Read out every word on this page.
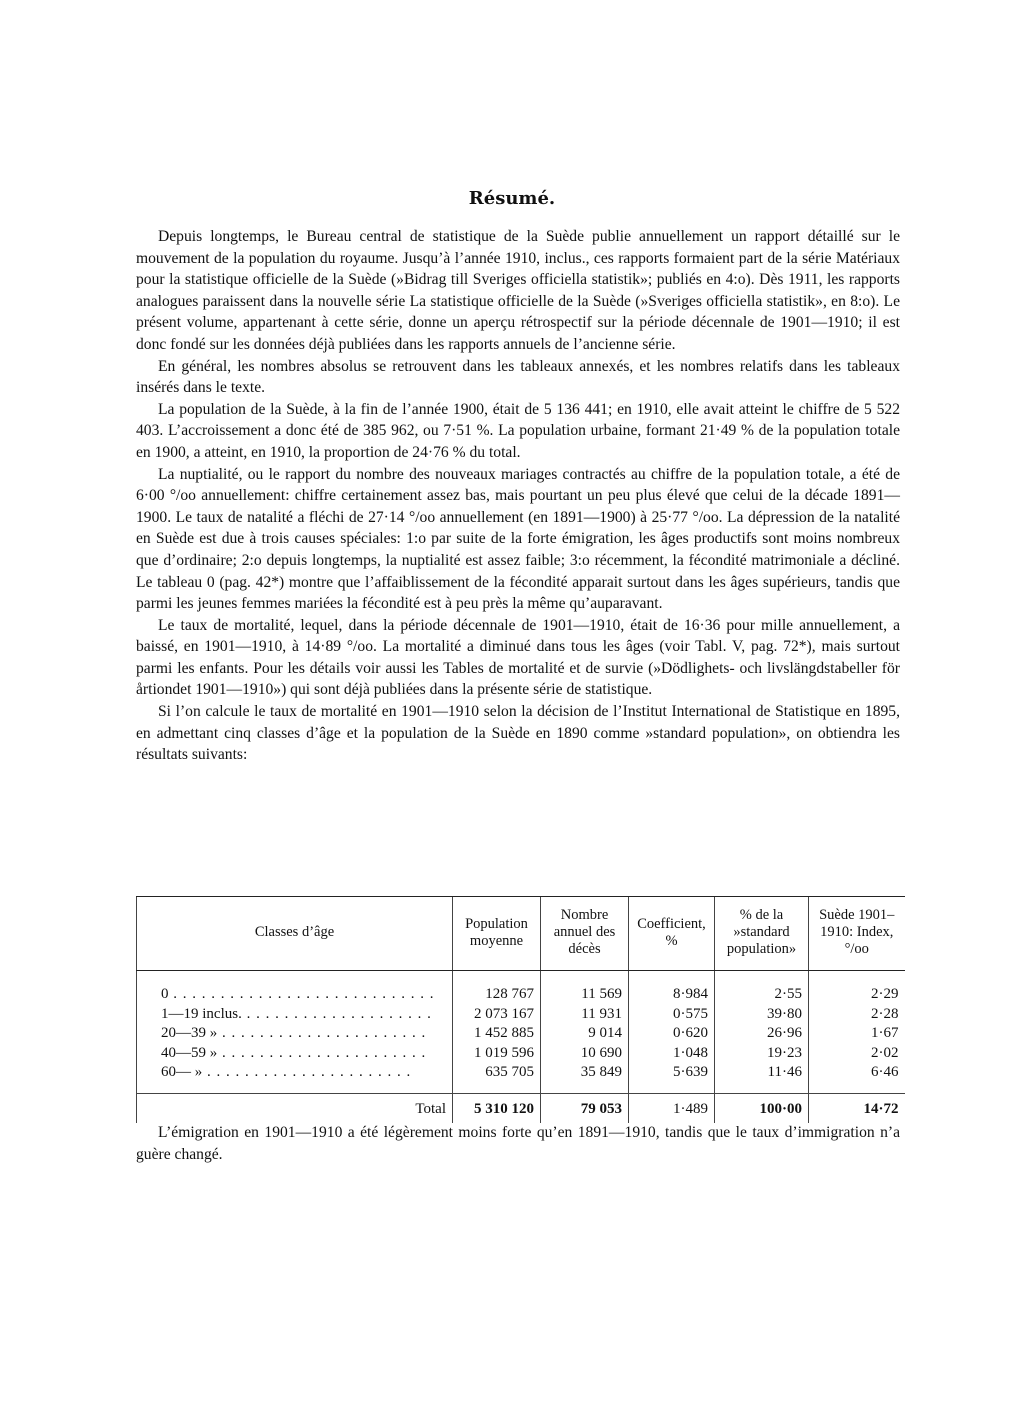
Résumé.

Depuis longtemps, le Bureau central de statistique de la Suède publie annuellement un rapport détaillé sur le mouvement de la population du royaume. Jusqu’à l’année 1910, inclus., ces rapports formaient part de la série Matériaux pour la statistique officielle de la Suède (»Bidrag till Sveriges officiella statistik»; publiés en 4:o). Dès 1911, les rapports analogues paraissent dans la nouvelle série La statistique officielle de la Suède (»Sveriges officiella statistik», en 8:o). Le présent volume, appartenant à cette série, donne un aperçu rétrospectif sur la période décennale de 1901—1910; il est donc fondé sur les données déjà publiées dans les rapports annuels de l’ancienne série.

En général, les nombres absolus se retrouvent dans les tableaux annexés, et les nombres relatifs dans les tableaux insérés dans le texte.

La population de la Suède, à la fin de l’année 1900, était de 5 136 441; en 1910, elle avait atteint le chiffre de 5 522 403. L’accroissement a donc été de 385 962, ou 7·51 %. La population urbaine, formant 21·49 % de la population totale en 1900, a atteint, en 1910, la proportion de 24·76 % du total.

La nuptialité, ou le rapport du nombre des nouveaux mariages contractés au chiffre de la population totale, a été de 6·00 °/oo annuellement: chiffre certainement assez bas, mais pourtant un peu plus élevé que celui de la décade 1891—1900. Le taux de natalité a fléchi de 27·14 °/oo annuellement (en 1891—1900) à 25·77 °/oo. La dépression de la natalité en Suède est due à trois causes spéciales: 1:o par suite de la forte émigration, les âges productifs sont moins nombreux que d’ordinaire; 2:o depuis longtemps, la nuptialité est assez faible; 3:o récemment, la fécondité matrimoniale a décliné. Le tableau 0 (pag. 42*) montre que l’affaiblissement de la fécondité apparait surtout dans les âges supérieurs, tandis que parmi les jeunes femmes mariées la fécondité est à peu près la même qu’auparavant.

Le taux de mortalité, lequel, dans la période décennale de 1901—1910, était de 16·36 pour mille annuellement, a baissé, en 1901—1910, à 14·89 °/oo. La mortalité a diminué dans tous les âges (voir Tabl. V, pag. 72*), mais surtout parmi les enfants. Pour les détails voir aussi les Tables de mortalité et de survie (»Dödlighets- och livslängdstabeller för årtiondet 1901—1910») qui sont déjà publiées dans la présente série de statistique.

Si l’on calcule le taux de mortalité en 1901—1910 selon la décision de l’Institut International de Statistique en 1895, en admettant cinq classes d’âge et la population de la Suède en 1890 comme »standard population», on obtiendra les résultats suivants:

Classes d’âge	Population moyenne	Nombre annuel des décès	Coefficient, %	% de la »standard population»	Suède 1901–1910: Index, °/oo
0 . . . . . . . . . . . . . . . . . . . . . . . . . . . .	128 767	11 569	8·984	2·55	2·29
1—19 inclus. . . . . . . . . . . . . . . . . . . . .	2 073 167	11 931	0·575	39·80	2·28
20—39 » . . . . . . . . . . . . . . . . . . . . . .	1 452 885	9 014	0·620	26·96	1·67
40—59 » . . . . . . . . . . . . . . . . . . . . . .	1 019 596	10 690	1·048	19·23	2·02
60— » . . . . . . . . . . . . . . . . . . . . . .	635 705	35 849	5·639	11·46	6·46
Total	5 310 120	79 053	1·489	100·00	14·72

L’émigration en 1901—1910 a été légèrement moins forte qu’en 1891—1910, tandis que le taux d’immigration n’a guère changé.
